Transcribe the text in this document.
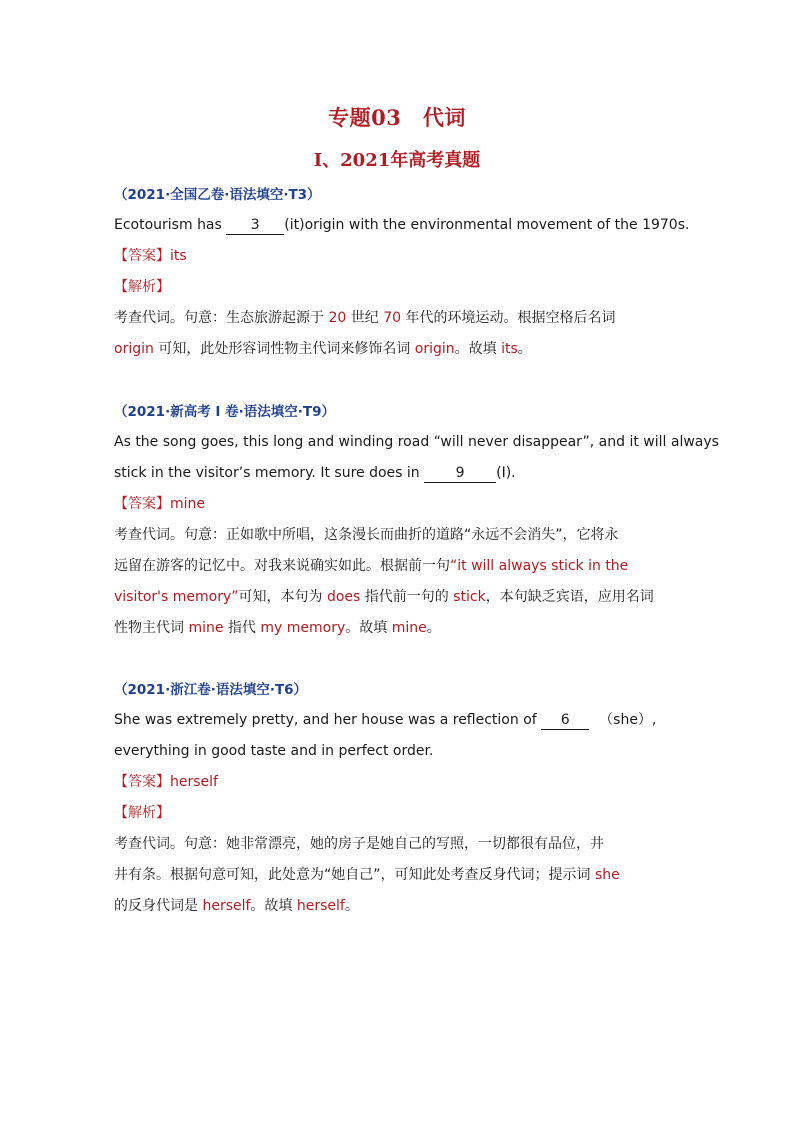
专题03　代词
I、2021年高考真题
（2021·全国乙卷·语法填空·T3）
Ecotourism has 3 (it)origin with the environmental movement of the 1970s.
【答案】its
【解析】
考查代词。句意：生态旅游起源于 20 世纪 70 年代的环境运动。根据空格后名词
origin 可知，此处形容词性物主代词来修饰名词 origin。故填 its。
（2021·新高考 I 卷·语法填空·T9）
As the song goes, this long and winding road “will never disappear”, and it will always
stick in the visitor’s memory. It sure does in 9 (I).
【答案】mine
考查代词。句意：正如歌中所唱，这条漫长而曲折的道路“永远不会消失”，它将永
远留在游客的记忆中。对我来说确实如此。根据前一句“it will always stick in the
visitor's memory”可知，本句为 does 指代前一句的 stick，本句缺乏宾语，应用名词
性物主代词 mine 指代 my memory。故填 mine。
（2021·浙江卷·语法填空·T6）
She was extremely pretty, and her house was a reflection of 6 （she）,
everything in good taste and in perfect order.
【答案】herself
【解析】
考查代词。句意：她非常漂亮，她的房子是她自己的写照，一切都很有品位，井
井有条。根据句意可知，此处意为“她自己”，可知此处考查反身代词；提示词 she
的反身代词是 herself。故填 herself。
